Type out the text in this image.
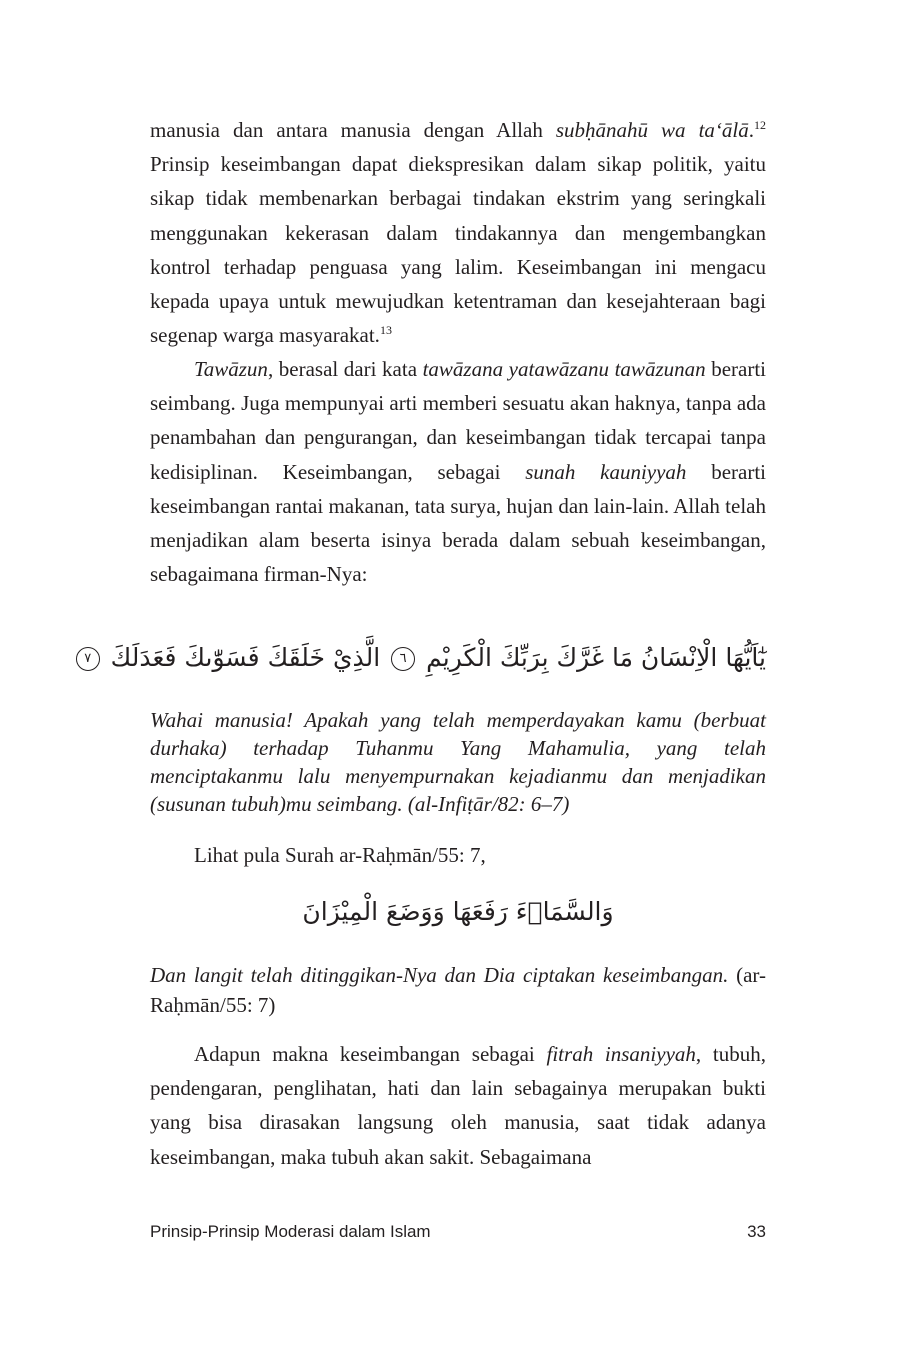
manusia dan antara manusia dengan Allah subḥānahū wa ta‘ālā.$^{12}$ Prinsip keseimbangan dapat diekspresikan dalam sikap politik, yaitu sikap tidak membenarkan berbagai tindakan ekstrim yang seringkali menggunakan kekerasan dalam tindakannya dan mengembangkan kontrol terhadap penguasa yang lalim. Keseimbangan ini mengacu kepada upaya untuk mewujudkan ketentraman dan kesejahteraan bagi segenap warga masyarakat.$^{13}$

Tawāzun, berasal dari kata tawāzana yatawāzanu tawāzunan berarti seimbang. Juga mempunyai arti memberi sesuatu akan haknya, tanpa ada penambahan dan pengurangan, dan keseimbangan tidak tercapai tanpa kedisiplinan. Keseimbangan, sebagai sunah kauniyyah berarti keseimbangan rantai makanan, tata surya, hujan dan lain-lain. Allah telah menjadikan alam beserta isinya berada dalam sebuah keseimbangan, sebagaimana firman-Nya:

يٰٓاَيُّهَا الْاِنْسَانُ مَا غَرَّكَ بِرَبِّكَ الْكَرِيْمِ ٦ الَّذِيْ خَلَقَكَ فَسَوّٰىكَ فَعَدَلَكَ ٧

Wahai manusia! Apakah yang telah memperdayakan kamu (berbuat durhaka) terhadap Tuhanmu Yang Mahamulia, yang telah menciptakanmu lalu menyempurnakan kejadianmu dan menjadikan (susunan tubuh)mu seimbang. (al-Infiṭār/82: 6–7)

Lihat pula Surah ar-Raḥmān/55: 7,

وَالسَّمَاۤءَ رَفَعَهَا وَوَضَعَ الْمِيْزَانَ

Dan langit telah ditinggikan-Nya dan Dia ciptakan keseimbangan. (ar-Raḥmān/55: 7)

Adapun makna keseimbangan sebagai fitrah insaniyyah, tubuh, pendengaran, penglihatan, hati dan lain sebagainya merupakan bukti yang bisa dirasakan langsung oleh manusia, saat tidak adanya keseimbangan, maka tubuh akan sakit. Sebagaimana

Prinsip-Prinsip Moderasi dalam Islam	33
